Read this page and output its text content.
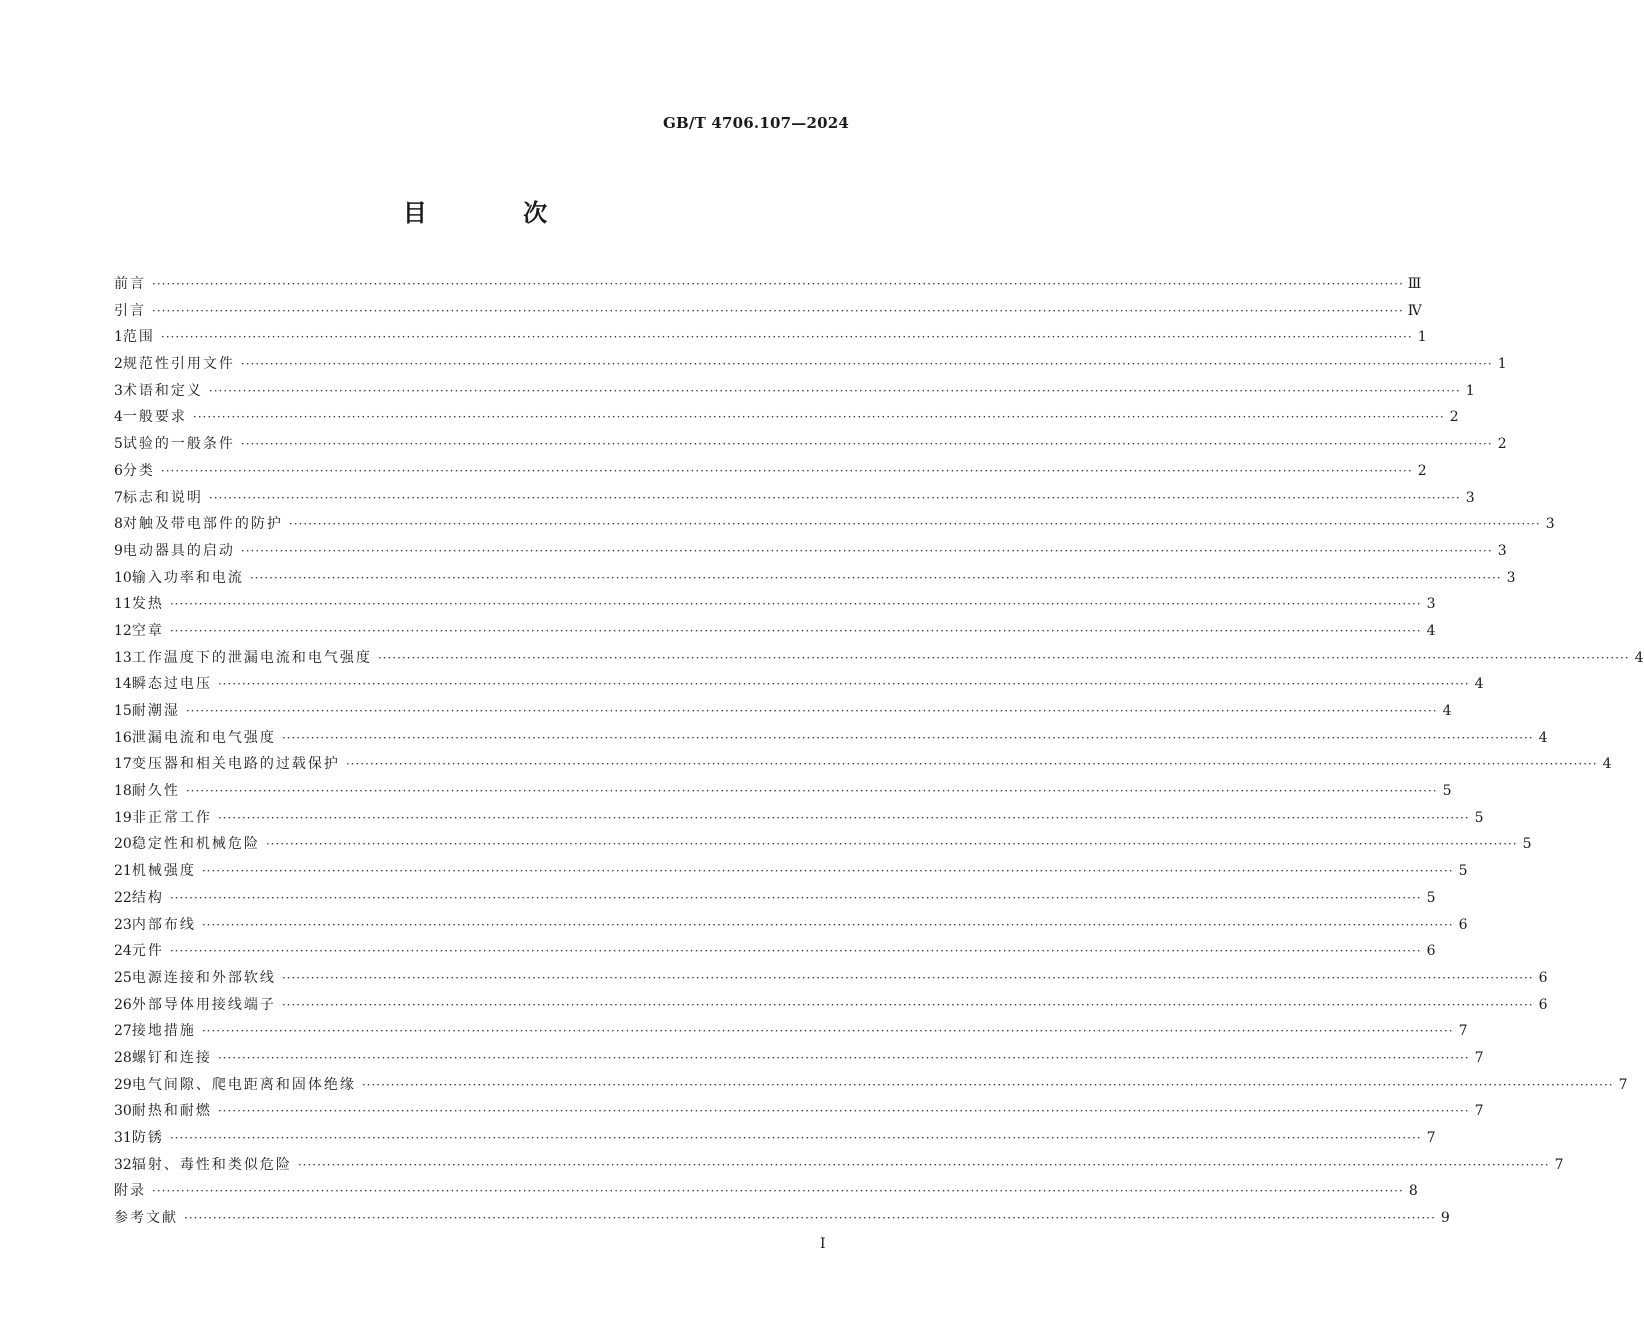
GB/T 4706.107—2024
目 次
前言 ···································································································································································································································································· Ⅲ
引言 ···································································································································································································································································· Ⅳ
1 范围 ···································································································································································································································································· 1
2 规范性引用文件 ···································································································································································································································································· 1
3 术语和定义 ···································································································································································································································································· 1
4 一般要求 ···································································································································································································································································· 2
5 试验的一般条件 ···································································································································································································································································· 2
6 分类 ···································································································································································································································································· 2
7 标志和说明 ···································································································································································································································································· 3
8 对触及带电部件的防护 ···································································································································································································································································· 3
9 电动器具的启动 ···································································································································································································································································· 3
10 输入功率和电流 ···································································································································································································································································· 3
11 发热 ···································································································································································································································································· 3
12 空章 ···································································································································································································································································· 4
13 工作温度下的泄漏电流和电气强度 ···································································································································································································································································· 4
14 瞬态过电压 ···································································································································································································································································· 4
15 耐潮湿 ···································································································································································································································································· 4
16 泄漏电流和电气强度 ···································································································································································································································································· 4
17 变压器和相关电路的过载保护 ···································································································································································································································································· 4
18 耐久性 ···································································································································································································································································· 5
19 非正常工作 ···································································································································································································································································· 5
20 稳定性和机械危险 ···································································································································································································································································· 5
21 机械强度 ···································································································································································································································································· 5
22 结构 ···································································································································································································································································· 5
23 内部布线 ···································································································································································································································································· 6
24 元件 ···································································································································································································································································· 6
25 电源连接和外部软线 ···································································································································································································································································· 6
26 外部导体用接线端子 ···································································································································································································································································· 6
27 接地措施 ···································································································································································································································································· 7
28 螺钉和连接 ···································································································································································································································································· 7
29 电气间隙、爬电距离和固体绝缘 ···································································································································································································································································· 7
30 耐热和耐燃 ···································································································································································································································································· 7
31 防锈 ···································································································································································································································································· 7
32 辐射、毒性和类似危险 ···································································································································································································································································· 7
附录 ···································································································································································································································································· 8
参考文献 ···································································································································································································································································· 9
I
